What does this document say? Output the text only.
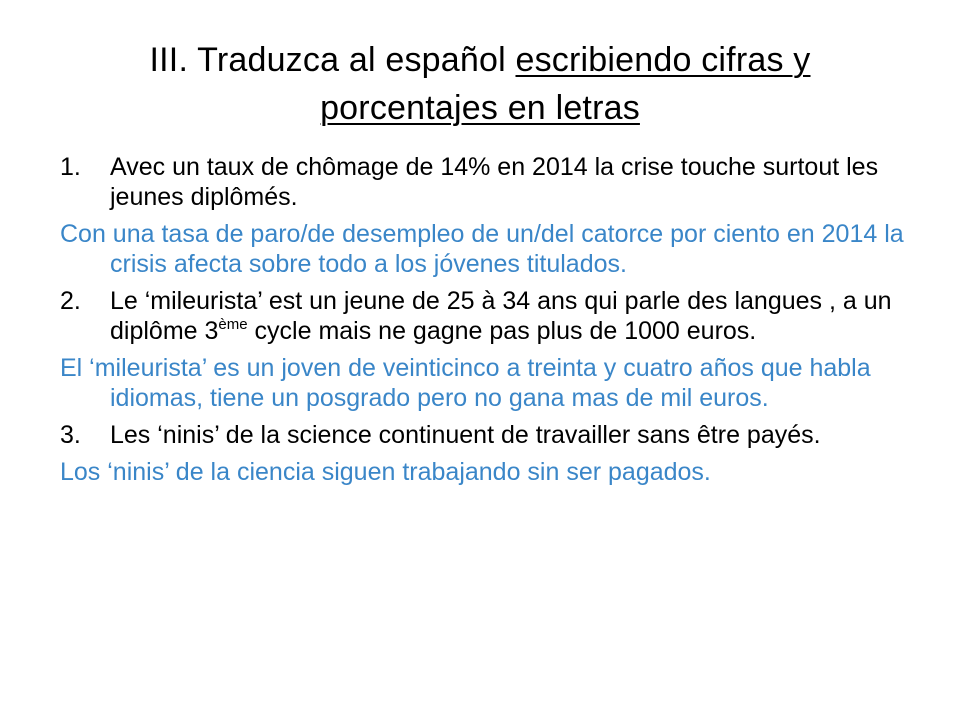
III. Traduzca al español escribiendo cifras y
porcentajes en letras
1. Avec un taux de chômage de 14% en 2014 la crise touche surtout les jeunes diplômés.
Con una tasa de paro/de desempleo de un/del catorce por ciento en 2014 la crisis afecta sobre todo a los jóvenes titulados.
2. Le ‘mileurista’ est un jeune de 25 à 34 ans qui parle des langues , a un diplôme 3ème cycle mais ne gagne pas plus de 1000 euros.
El ‘mileurista’ es un joven de veinticinco a treinta y cuatro años que habla idiomas, tiene un posgrado pero no gana mas de mil euros.
3. Les ‘ninis’ de la science continuent de travailler sans être payés.
Los ‘ninis’ de la ciencia siguen trabajando sin ser pagados.
